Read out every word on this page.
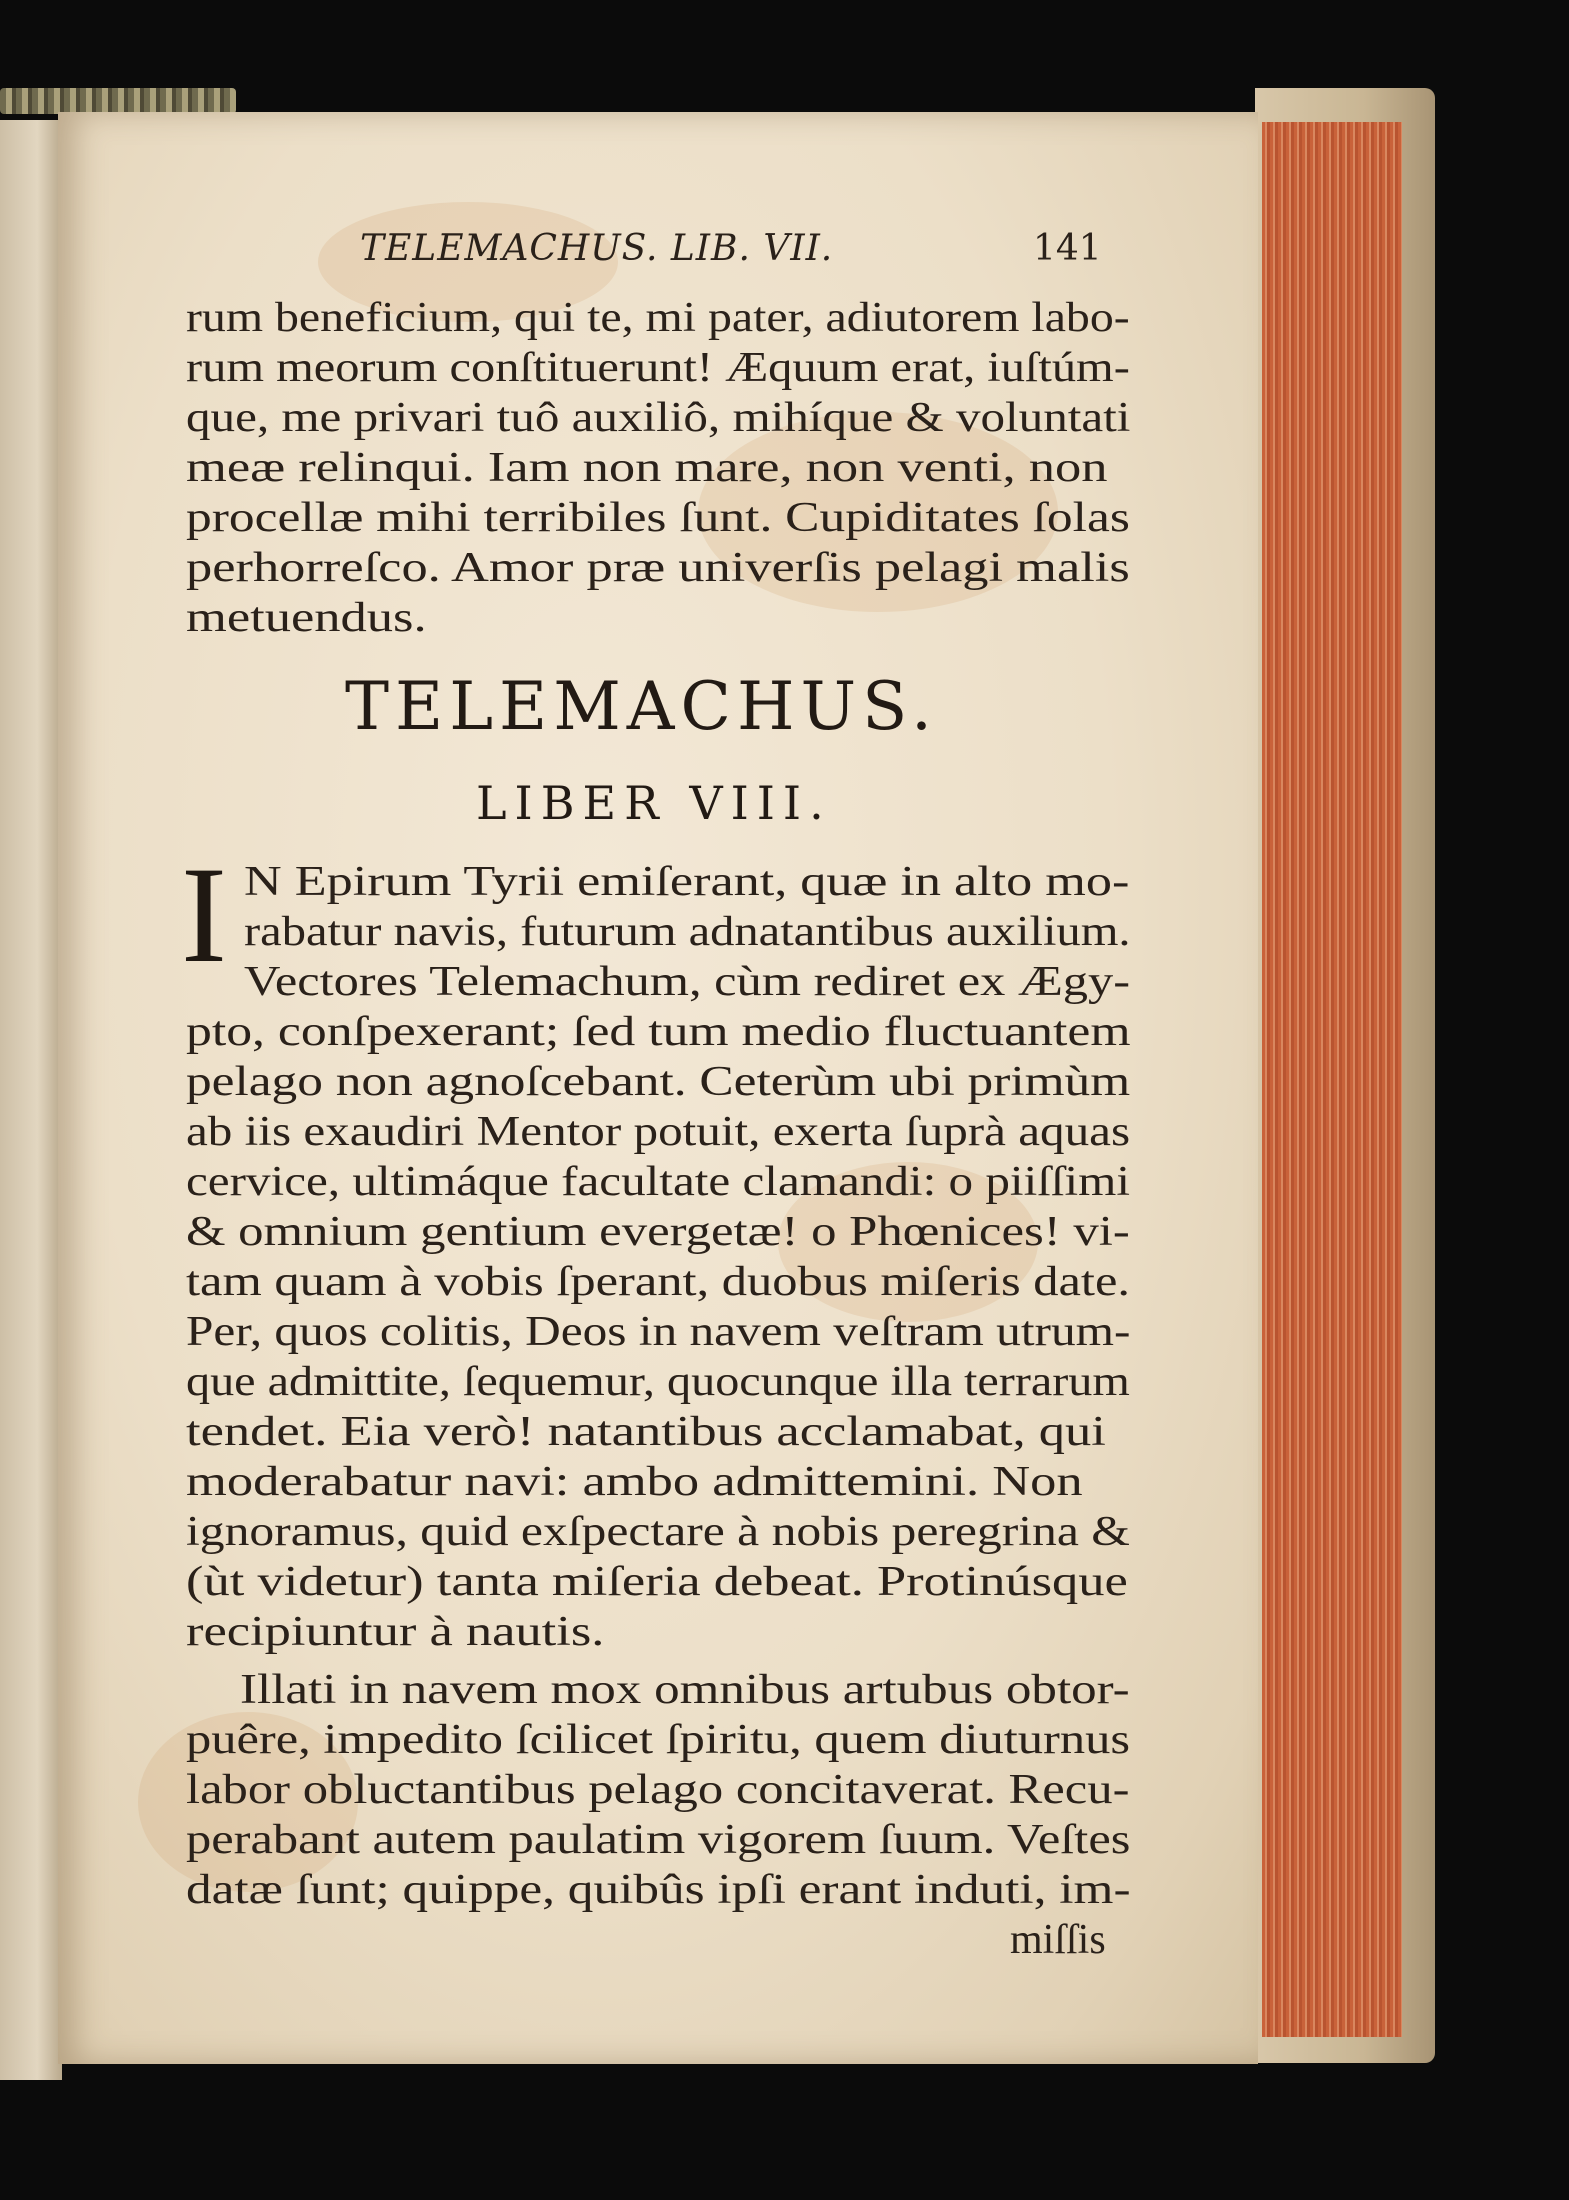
TELEMACHUS. LIB. VII.	141
rum beneficium, qui te, mi pater, adiutorem labo-
rum meorum conſtituerunt! Æquum erat, iuſtúm-
que, me privari tuô auxiliô, mihíque & voluntati
meæ relinqui. Iam non mare, non venti, non
procellæ mihi terribiles ſunt. Cupiditates ſolas
perhorreſco. Amor præ univerſis pelagi malis
metuendus.
TELEMACHUS.
LIBER VIII.
I N Epirum Tyrii emiſerant, quæ in alto mo-
rabatur navis, futurum adnatantibus auxilium.
Vectores Telemachum, cùm rediret ex Ægy-
pto, conſpexerant; ſed tum medio fluctuantem
pelago non agnoſcebant. Ceterùm ubi primùm
ab iis exaudiri Mentor potuit, exerta ſuprà aquas
cervice, ultimáque facultate clamandi: o piiſſimi
& omnium gentium evergetæ! o Phœnices! vi-
tam quam à vobis ſperant, duobus miſeris date.
Per, quos colitis, Deos in navem veſtram utrum-
que admittite, ſequemur, quocunque illa terrarum
tendet. Eia verò! natantibus acclamabat, qui
moderabatur navi: ambo admittemini. Non
ignoramus, quid exſpectare à nobis peregrina &
(ùt videtur) tanta miſeria debeat. Protinúsque
recipiuntur à nautis.
Illati in navem mox omnibus artubus obtor-
puêre, impedito ſcilicet ſpiritu, quem diuturnus
labor obluctantibus pelago concitaverat. Recu-
perabant autem paulatim vigorem ſuum. Veſtes
datæ ſunt; quippe, quibûs ipſi erant induti, im-
miſſis
